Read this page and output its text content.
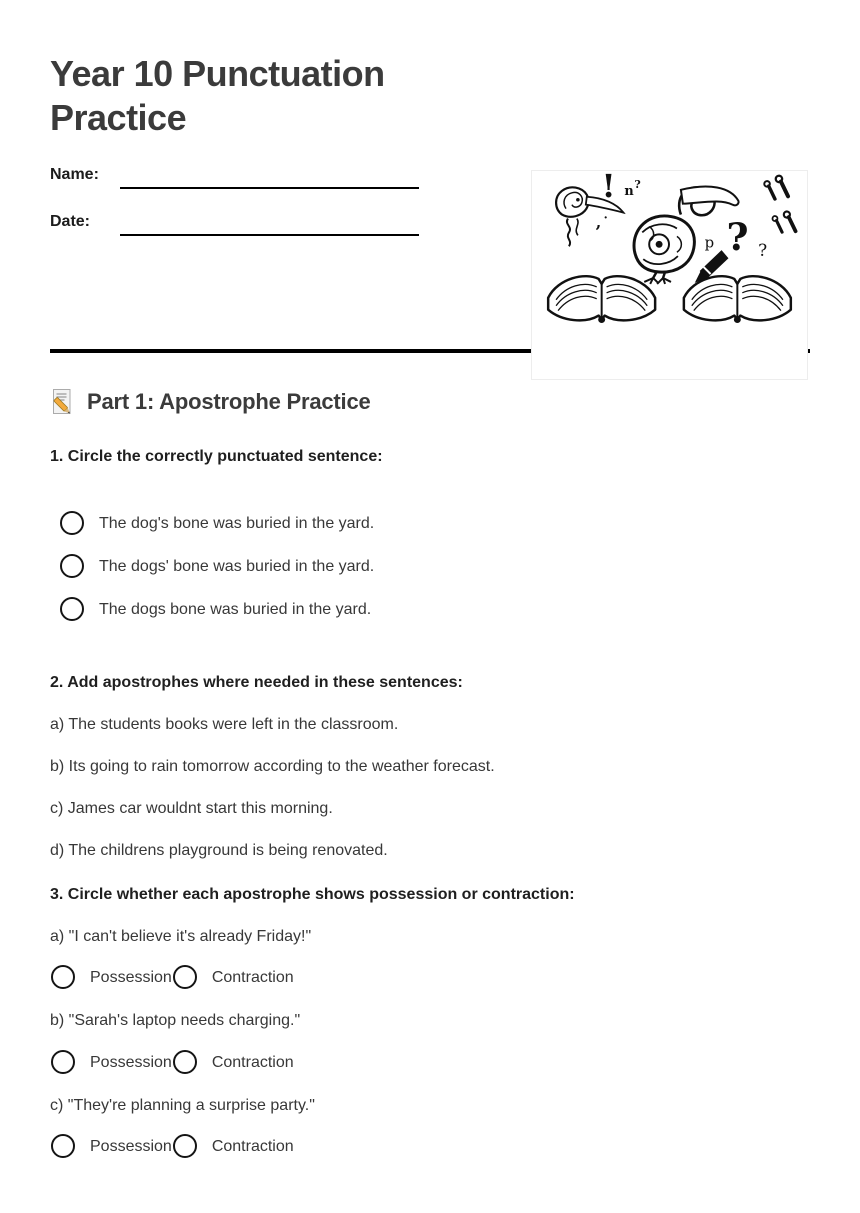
Year 10 Punctuation Practice
Name:
Date:
! n ?
, .
?
p	?
Part 1: Apostrophe Practice

1. Circle the correctly punctuated sentence:

The dog's bone was buried in the yard.
The dogs' bone was buried in the yard.
The dogs bone was buried in the yard.

2. Add apostrophes where needed in these sentences:

a) The students books were left in the classroom.

b) Its going to rain tomorrow according to the weather forecast.

c) James car wouldnt start this morning.

d) The childrens playground is being renovated.

3. Circle whether each apostrophe shows possession or contraction:

a) "I can't believe it's already Friday!"

Possession	Contraction

b) "Sarah's laptop needs charging."

Possession	Contraction

c) "They're planning a surprise party."

Possession	Contraction
